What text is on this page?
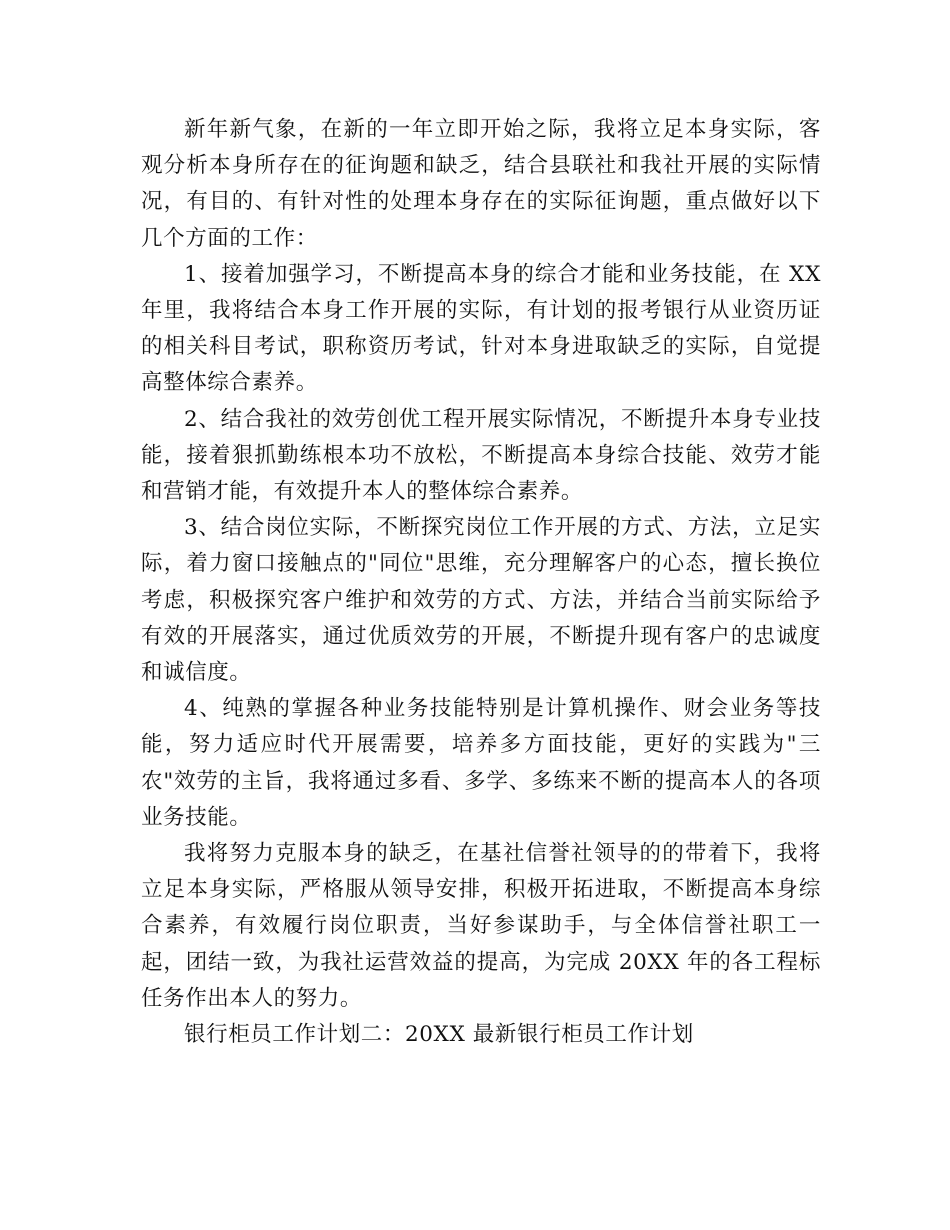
新年新气象，在新的一年立即开始之际，我将立足本身实际，客观分析本身所存在的征询题和缺乏，结合县联社和我社开展的实际情况，有目的、有针对性的处理本身存在的实际征询题，重点做好以下几个方面的工作：

1、接着加强学习，不断提高本身的综合才能和业务技能，在 XX 年里，我将结合本身工作开展的实际，有计划的报考银行从业资历证的相关科目考试，职称资历考试，针对本身进取缺乏的实际，自觉提高整体综合素养。

2、结合我社的效劳创优工程开展实际情况，不断提升本身专业技能，接着狠抓勤练根本功不放松，不断提高本身综合技能、效劳才能和营销才能，有效提升本人的整体综合素养。

3、结合岗位实际，不断探究岗位工作开展的方式、方法，立足实际，着力窗口接触点的"同位"思维，充分理解客户的心态，擅长换位考虑，积极探究客户维护和效劳的方式、方法，并结合当前实际给予有效的开展落实，通过优质效劳的开展，不断提升现有客户的忠诚度和诚信度。

4、纯熟的掌握各种业务技能特别是计算机操作、财会业务等技能，努力适应时代开展需要，培养多方面技能，更好的实践为"三农"效劳的主旨，我将通过多看、多学、多练来不断的提高本人的各项业务技能。

我将努力克服本身的缺乏，在基社信誉社领导的的带着下，我将立足本身实际，严格服从领导安排，积极开拓进取，不断提高本身综合素养，有效履行岗位职责，当好参谋助手，与全体信誉社职工一起，团结一致，为我社运营效益的提高，为完成 20XX 年的各工程标任务作出本人的努力。

银行柜员工作计划二：20XX 最新银行柜员工作计划
